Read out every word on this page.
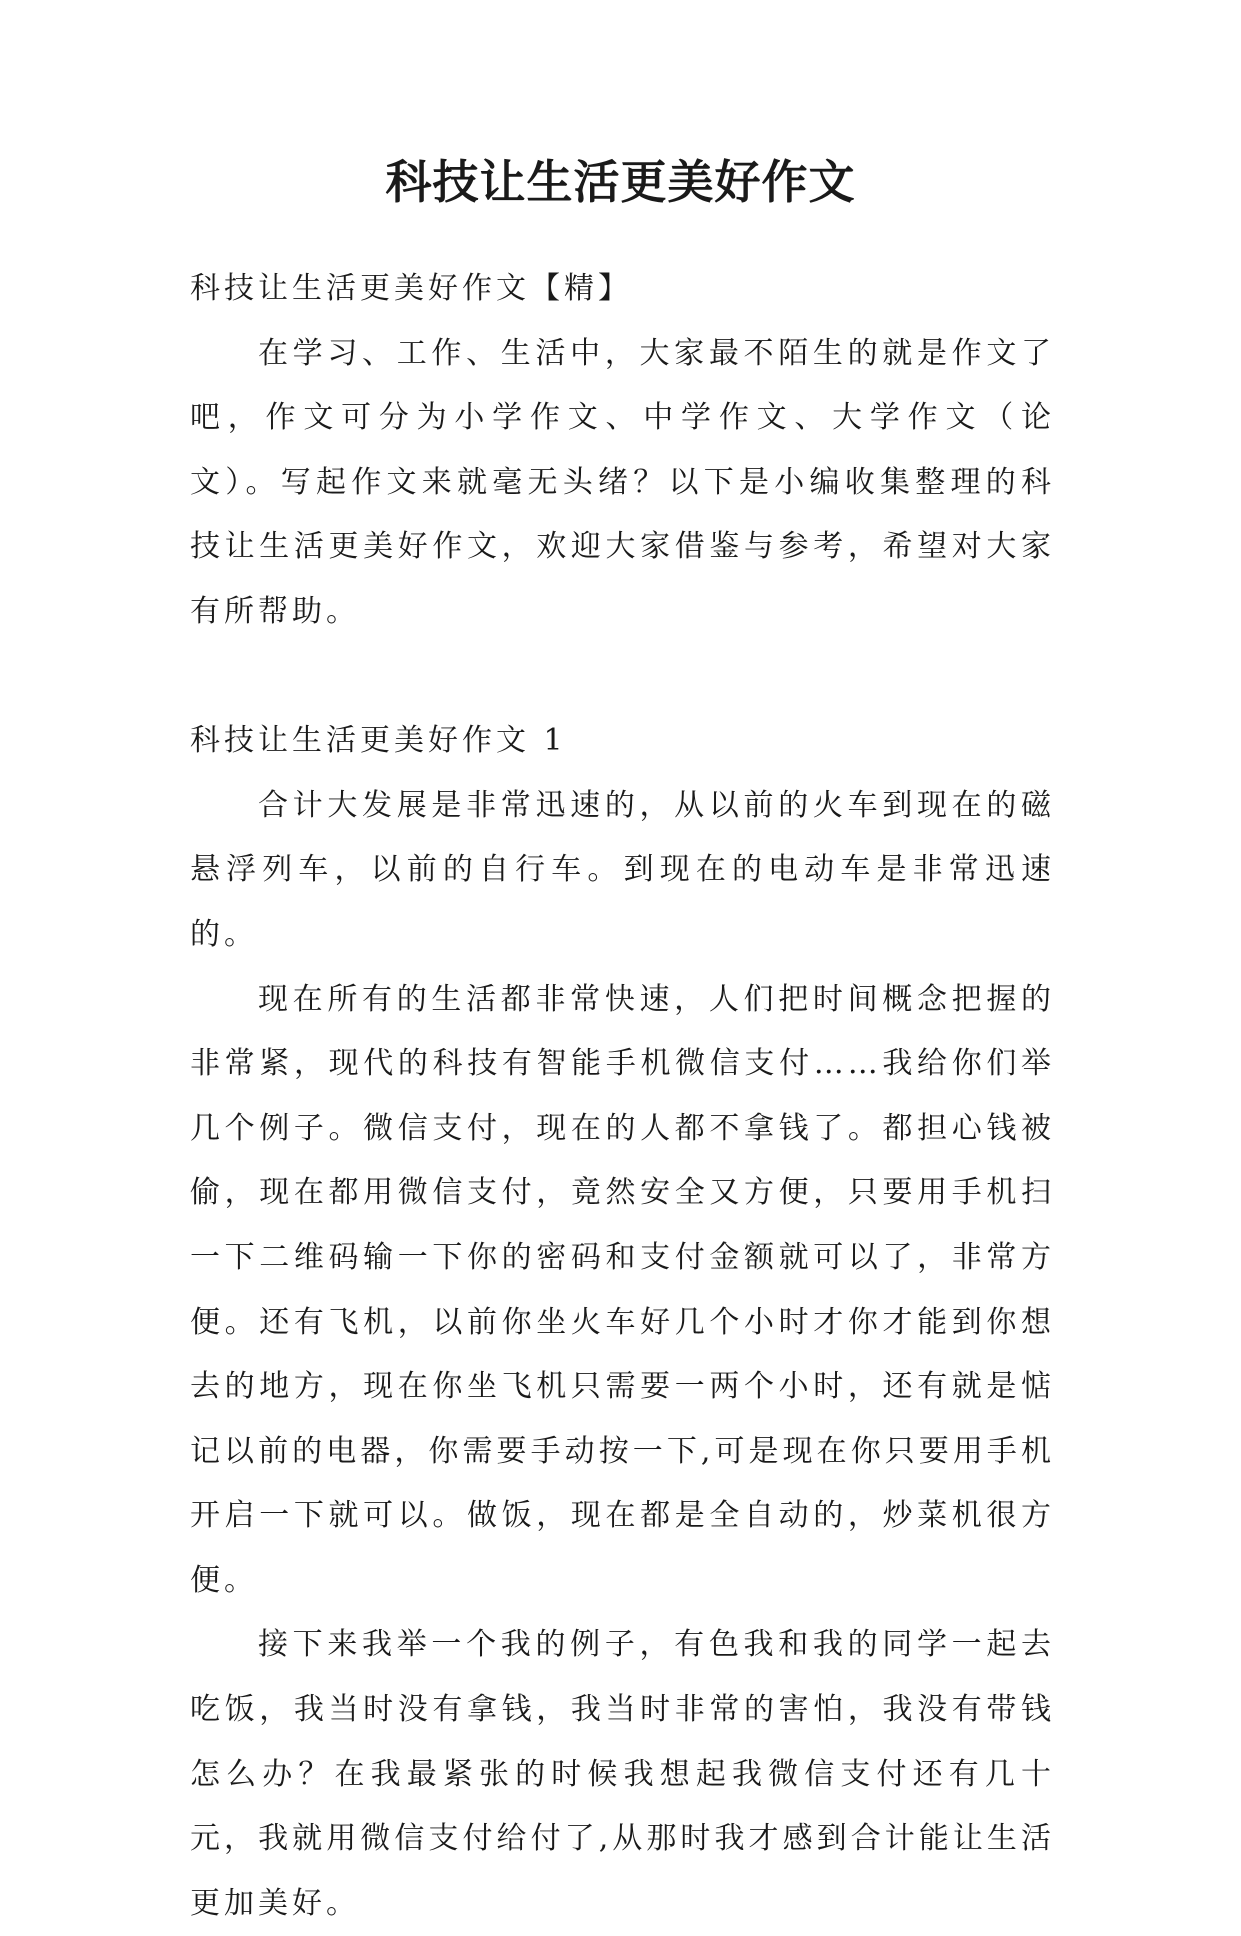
科技让生活更美好作文

科技让生活更美好作文【精】

在学习、工作、生活中，大家最不陌生的就是作文了吧，作文可分为小学作文、中学作文、大学作文（论文）。写起作文来就毫无头绪？以下是小编收集整理的科技让生活更美好作文，欢迎大家借鉴与参考，希望对大家有所帮助。

科技让生活更美好作文 1

合计大发展是非常迅速的，从以前的火车到现在的磁悬浮列车，以前的自行车。到现在的电动车是非常迅速的。

现在所有的生活都非常快速，人们把时间概念把握的非常紧，现代的科技有智能手机微信支付……我给你们举几个例子。微信支付，现在的人都不拿钱了。都担心钱被偷，现在都用微信支付，竟然安全又方便，只要用手机扫一下二维码输一下你的密码和支付金额就可以了，非常方便。还有飞机，以前你坐火车好几个小时才你才能到你想去的地方，现在你坐飞机只需要一两个小时，还有就是惦记以前的电器，你需要手动按一下,可是现在你只要用手机开启一下就可以。做饭，现在都是全自动的，炒菜机很方便。

接下来我举一个我的例子，有色我和我的同学一起去吃饭，我当时没有拿钱，我当时非常的害怕，我没有带钱怎么办？在我最紧张的时候我想起我微信支付还有几十元，我就用微信支付给付了,从那时我才感到合计能让生活更加美好。
